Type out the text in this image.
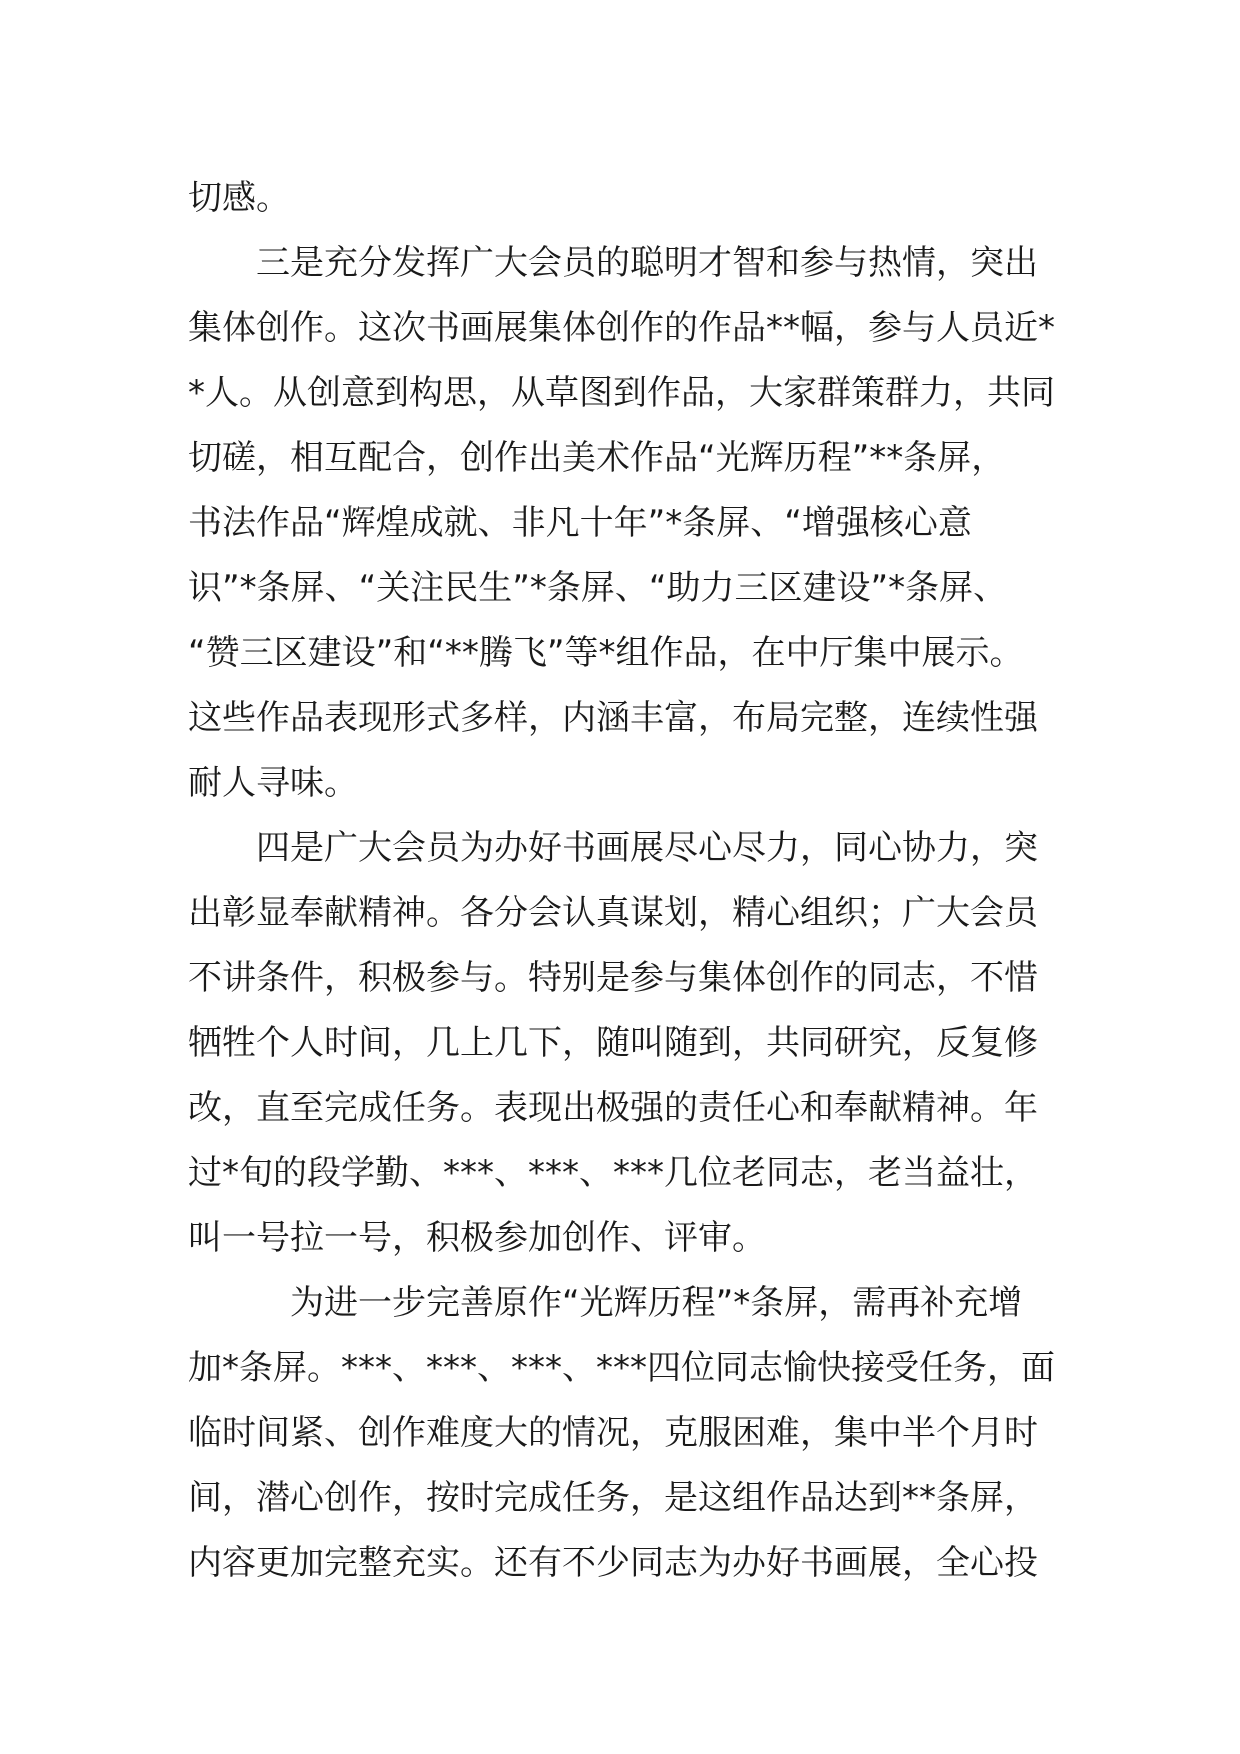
切感。
三是充分发挥广大会员的聪明才智和参与热情，突出
集体创作。这次书画展集体创作的作品**幅，参与人员近*
*人。从创意到构思，从草图到作品，大家群策群力，共同
切磋，相互配合，创作出美术作品“光辉历程”**条屏，
书法作品“辉煌成就、非凡十年”*条屏、“增强核心意
识”*条屏、“关注民生”*条屏、“助力三区建设”*条屏、
“赞三区建设”和“**腾飞”等*组作品，在中厅集中展示。
这些作品表现形式多样，内涵丰富，布局完整，连续性强
耐人寻味。
四是广大会员为办好书画展尽心尽力，同心协力，突
出彰显奉献精神。各分会认真谋划，精心组织；广大会员
不讲条件，积极参与。特别是参与集体创作的同志，不惜
牺牲个人时间，几上几下，随叫随到，共同研究，反复修
改，直至完成任务。表现出极强的责任心和奉献精神。年
过*旬的段学勤、***、***、***几位老同志，老当益壮，
叫一号拉一号，积极参加创作、评审。
为进一步完善原作“光辉历程”*条屏，需再补充增
加*条屏。***、***、***、***四位同志愉快接受任务，面
临时间紧、创作难度大的情况，克服困难，集中半个月时
间，潜心创作，按时完成任务，是这组作品达到**条屏，
内容更加完整充实。还有不少同志为办好书画展，全心投
